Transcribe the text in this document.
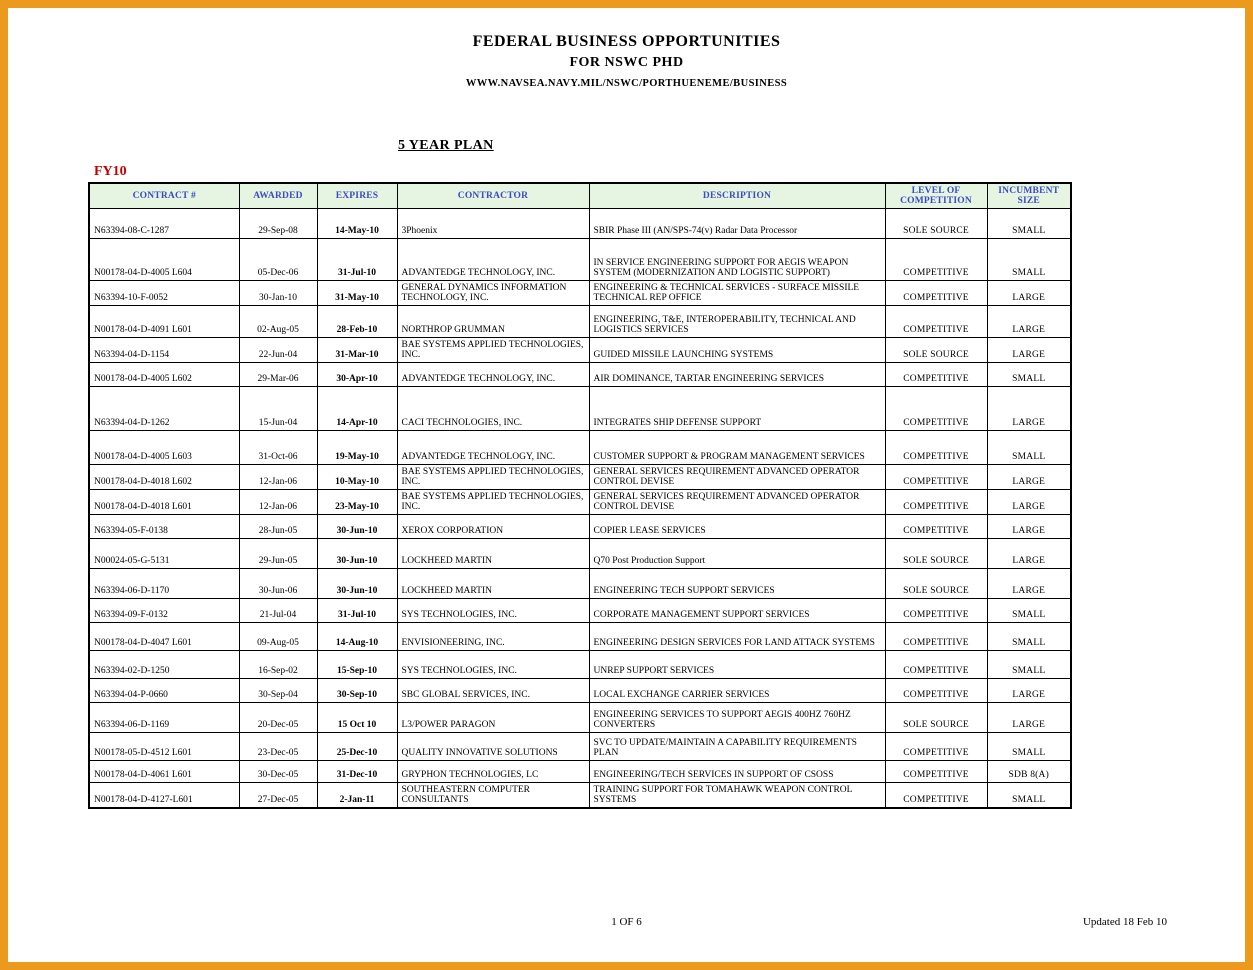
FEDERAL BUSINESS OPPORTUNITIES
FOR NSWC PHD
WWW.NAVSEA.NAVY.MIL/NSWC/PORTHUENEME/BUSINESS
5 YEAR PLAN
FY10
CONTRACT #	AWARDED	EXPIRES	CONTRACTOR	DESCRIPTION	LEVEL OF COMPETITION	INCUMBENT SIZE
N63394-08-C-1287	29-Sep-08	14-May-10	3Phoenix	SBIR Phase III (AN/SPS-74(v) Radar Data Processor	SOLE SOURCE	SMALL
N00178-04-D-4005 L604	05-Dec-06	31-Jul-10	ADVANTEDGE TECHNOLOGY, INC.	IN SERVICE ENGINEERING SUPPORT FOR AEGIS WEAPON SYSTEM (MODERNIZATION AND LOGISTIC SUPPORT)	COMPETITIVE	SMALL
N63394-10-F-0052	30-Jan-10	31-May-10	GENERAL DYNAMICS INFORMATION TECHNOLOGY, INC.	ENGINEERING & TECHNICAL SERVICES - SURFACE MISSILE TECHNICAL REP OFFICE	COMPETITIVE	LARGE
N00178-04-D-4091 L601	02-Aug-05	28-Feb-10	NORTHROP GRUMMAN	ENGINEERING, T&E, INTEROPERABILITY, TECHNICAL AND LOGISTICS SERVICES	COMPETITIVE	LARGE
N63394-04-D-1154	22-Jun-04	31-Mar-10	BAE SYSTEMS APPLIED TECHNOLOGIES, INC.	GUIDED MISSILE LAUNCHING SYSTEMS	SOLE SOURCE	LARGE
N00178-04-D-4005 L602	29-Mar-06	30-Apr-10	ADVANTEDGE TECHNOLOGY, INC.	AIR DOMINANCE, TARTAR ENGINEERING SERVICES	COMPETITIVE	SMALL
N63394-04-D-1262	15-Jun-04	14-Apr-10	CACI TECHNOLOGIES, INC.	INTEGRATES SHIP DEFENSE SUPPORT	COMPETITIVE	LARGE
N00178-04-D-4005 L603	31-Oct-06	19-May-10	ADVANTEDGE TECHNOLOGY, INC.	CUSTOMER SUPPORT & PROGRAM MANAGEMENT SERVICES	COMPETITIVE	SMALL
N00178-04-D-4018 L602	12-Jan-06	10-May-10	BAE SYSTEMS APPLIED TECHNOLOGIES, INC.	GENERAL SERVICES REQUIREMENT ADVANCED OPERATOR CONTROL DEVISE	COMPETITIVE	LARGE
N00178-04-D-4018 L601	12-Jan-06	23-May-10	BAE SYSTEMS APPLIED TECHNOLOGIES, INC.	GENERAL SERVICES REQUIREMENT ADVANCED OPERATOR CONTROL DEVISE	COMPETITIVE	LARGE
N63394-05-F-0138	28-Jun-05	30-Jun-10	XEROX CORPORATION	COPIER LEASE SERVICES	COMPETITIVE	LARGE
N00024-05-G-5131	29-Jun-05	30-Jun-10	LOCKHEED MARTIN	Q70 Post Production Support	SOLE SOURCE	LARGE
N63394-06-D-1170	30-Jun-06	30-Jun-10	LOCKHEED MARTIN	ENGINEERING TECH SUPPORT SERVICES	SOLE SOURCE	LARGE
N63394-09-F-0132	21-Jul-04	31-Jul-10	SYS TECHNOLOGIES, INC.	CORPORATE MANAGEMENT SUPPORT SERVICES	COMPETITIVE	SMALL
N00178-04-D-4047 L601	09-Aug-05	14-Aug-10	ENVISIONEERING, INC.	ENGINEERING DESIGN SERVICES FOR LAND ATTACK SYSTEMS	COMPETITIVE	SMALL
N63394-02-D-1250	16-Sep-02	15-Sep-10	SYS TECHNOLOGIES, INC.	UNREP SUPPORT SERVICES	COMPETITIVE	SMALL
N63394-04-P-0660	30-Sep-04	30-Sep-10	SBC GLOBAL SERVICES, INC.	LOCAL EXCHANGE CARRIER SERVICES	COMPETITIVE	LARGE
N63394-06-D-1169	20-Dec-05	15 Oct 10	L3/POWER PARAGON	ENGINEERING SERVICES TO SUPPORT AEGIS 400HZ 760HZ CONVERTERS	SOLE SOURCE	LARGE
N00178-05-D-4512 L601	23-Dec-05	25-Dec-10	QUALITY INNOVATIVE SOLUTIONS	SVC TO UPDATE/MAINTAIN A CAPABILITY REQUIREMENTS PLAN	COMPETITIVE	SMALL
N00178-04-D-4061 L601	30-Dec-05	31-Dec-10	GRYPHON TECHNOLOGIES, LC	ENGINEERING/TECH SERVICES IN SUPPORT OF CSOSS	COMPETITIVE	SDB 8(A)
N00178-04-D-4127-L601	27-Dec-05	2-Jan-11	SOUTHEASTERN COMPUTER CONSULTANTS	TRAINING SUPPORT FOR TOMAHAWK WEAPON CONTROL SYSTEMS	COMPETITIVE	SMALL
1 OF 6	Updated 18 Feb 10
